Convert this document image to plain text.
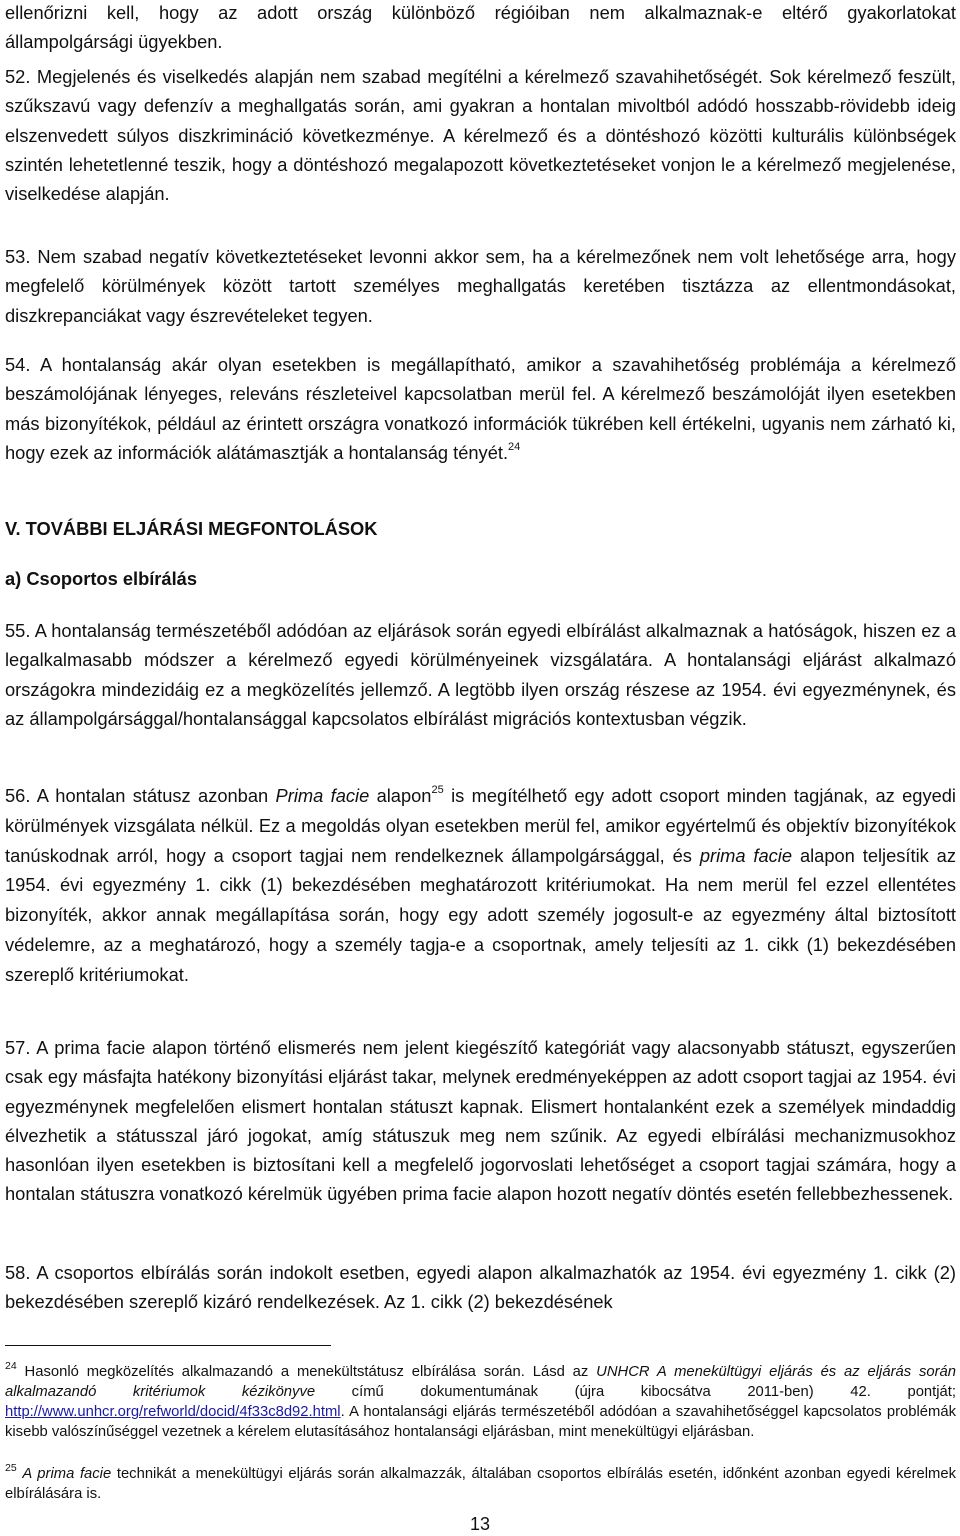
ellenőrizni kell, hogy az adott ország különböző régióiban nem alkalmaznak-e eltérő gyakorlatokat

állampolgársági ügyekben.

52. Megjelenés és viselkedés alapján nem szabad megítélni a kérelmező szavahihetőségét. Sok kérelmező feszült, szűkszavú vagy defenzív a meghallgatás során, ami gyakran a hontalan mivoltból adódó hosszabb-rövidebb ideig elszenvedett súlyos diszkrimináció következménye. A kérelmező és a döntéshozó közötti kulturális különbségek szintén lehetetlenné teszik, hogy a döntéshozó megalapozott következtetéseket vonjon le a kérelmező megjelenése, viselkedése alapján.

53. Nem szabad negatív következtetéseket levonni akkor sem, ha a kérelmezőnek nem volt lehetősége arra, hogy megfelelő körülmények között tartott személyes meghallgatás keretében tisztázza az ellentmondásokat, diszkrepanciákat vagy észrevételeket tegyen.

54. A hontalanság akár olyan esetekben is megállapítható, amikor a szavahihetőség problémája a kérelmező beszámolójának lényeges, releváns részleteivel kapcsolatban merül fel. A kérelmező beszámolóját ilyen esetekben más bizonyítékok, például az érintett országra vonatkozó információk tükrében kell értékelni, ugyanis nem zárható ki, hogy ezek az információk alátámasztják a hontalanság tényét.$^{24}$

V. TOVÁBBI ELJÁRÁSI MEGFONTOLÁSOK
a) Csoportos elbírálás

55. A hontalanság természetéből adódóan az eljárások során egyedi elbírálást alkalmaznak a hatóságok, hiszen ez a legalkalmasabb módszer a kérelmező egyedi körülményeinek vizsgálatára. A hontalansági eljárást alkalmazó országokra mindezidáig ez a megközelítés jellemző. A legtöbb ilyen ország részese az 1954. évi egyezménynek, és az állampolgársággal/hontalansággal kapcsolatos elbírálást migrációs kontextusban végzik.

56. A hontalan státusz azonban Prima facie alapon$^{25}$ is megítélhető egy adott csoport minden tagjának, az egyedi körülmények vizsgálata nélkül. Ez a megoldás olyan esetekben merül fel, amikor egyértelmű és objektív bizonyítékok tanúskodnak arról, hogy a csoport tagjai nem rendelkeznek állampolgársággal, és prima facie alapon teljesítik az 1954. évi egyezmény 1. cikk (1) bekezdésében meghatározott kritériumokat. Ha nem merül fel ezzel ellentétes bizonyíték, akkor annak megállapítása során, hogy egy adott személy jogosult-e az egyezmény által biztosított védelemre, az a meghatározó, hogy a személy tagja-e a csoportnak, amely teljesíti az 1. cikk (1) bekezdésében szereplő kritériumokat.

57. A prima facie alapon történő elismerés nem jelent kiegészítő kategóriát vagy alacsonyabb státuszt, egyszerűen csak egy másfajta hatékony bizonyítási eljárást takar, melynek eredményeképpen az adott csoport tagjai az 1954. évi egyezménynek megfelelően elismert hontalan státuszt kapnak. Elismert hontalanként ezek a személyek mindaddig élvezhetik a státusszal járó jogokat, amíg státuszuk meg nem szűnik. Az egyedi elbírálási mechanizmusokhoz hasonlóan ilyen esetekben is biztosítani kell a megfelelő jogorvoslati lehetőséget a csoport tagjai számára, hogy a hontalan státuszra vonatkozó kérelmük ügyében prima facie alapon hozott negatív döntés esetén fellebbezhessenek.

58. A csoportos elbírálás során indokolt esetben, egyedi alapon alkalmazhatók az 1954. évi egyezmény 1. cikk (2) bekezdésében szereplő kizáró rendelkezések. Az 1. cikk (2) bekezdésének

$^{24}$ Hasonló megközelítés alkalmazandó a menekültstátusz elbírálása során. Lásd az UNHCR A menekültügyi eljárás és az eljárás során alkalmazandó kritériumok kézikönyve című dokumentumának (újra kibocsátva 2011-ben) 42. pontját; http://www.unhcr.org/refworld/docid/4f33c8d92.html. A hontalansági eljárás természetéből adódóan a szavahihetőséggel kapcsolatos problémák kisebb valószínűséggel vezetnek a kérelem elutasításához hontalansági eljárásban, mint menekültügyi eljárásban.

$^{25}$ A prima facie technikát a menekültügyi eljárás során alkalmazzák, általában csoportos elbírálás esetén, időnként azonban egyedi kérelmek elbírálására is.

13
